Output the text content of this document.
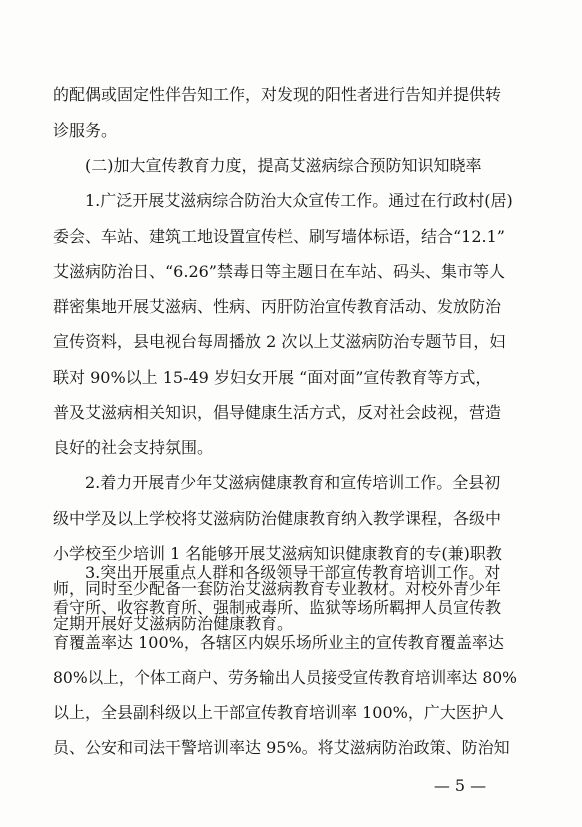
的配偶或固定性伴告知工作，对发现的阳性者进行告知并提供转
诊服务。
(二)加大宣传教育力度，提高艾滋病综合预防知识知晓率
1.广泛开展艾滋病综合防治大众宣传工作。通过在行政村(居)
委会、车站、建筑工地设置宣传栏、刷写墙体标语，结合“12.1”
艾滋病防治日、“6.26”禁毒日等主题日在车站、码头、集市等人
群密集地开展艾滋病、性病、丙肝防治宣传教育活动、发放防治
宣传资料，县电视台每周播放 2 次以上艾滋病防治专题节目，妇
联对 90%以上 15-49 岁妇女开展 “面对面”宣传教育等方式，
普及艾滋病相关知识，倡导健康生活方式，反对社会歧视，营造
良好的社会支持氛围。
2.着力开展青少年艾滋病健康教育和宣传培训工作。全县初
级中学及以上学校将艾滋病防治健康教育纳入教学课程，各级中
小学校至少培训 1 名能够开展艾滋病知识健康教育的专(兼)职教
师，同时至少配备一套防治艾滋病教育专业教材。对校外青少年
定期开展好艾滋病防治健康教育。
3.突出开展重点人群和各级领导干部宣传教育培训工作。对
看守所、收容教育所、强制戒毒所、监狱等场所羁押人员宣传教
育覆盖率达 100%，各辖区内娱乐场所业主的宣传教育覆盖率达
80%以上，个体工商户、劳务输出人员接受宣传教育培训率达 80%
以上，全县副科级以上干部宣传教育培训率 100%，广大医护人
员、公安和司法干警培训率达 95%。将艾滋病防治政策、防治知
— 5 —
